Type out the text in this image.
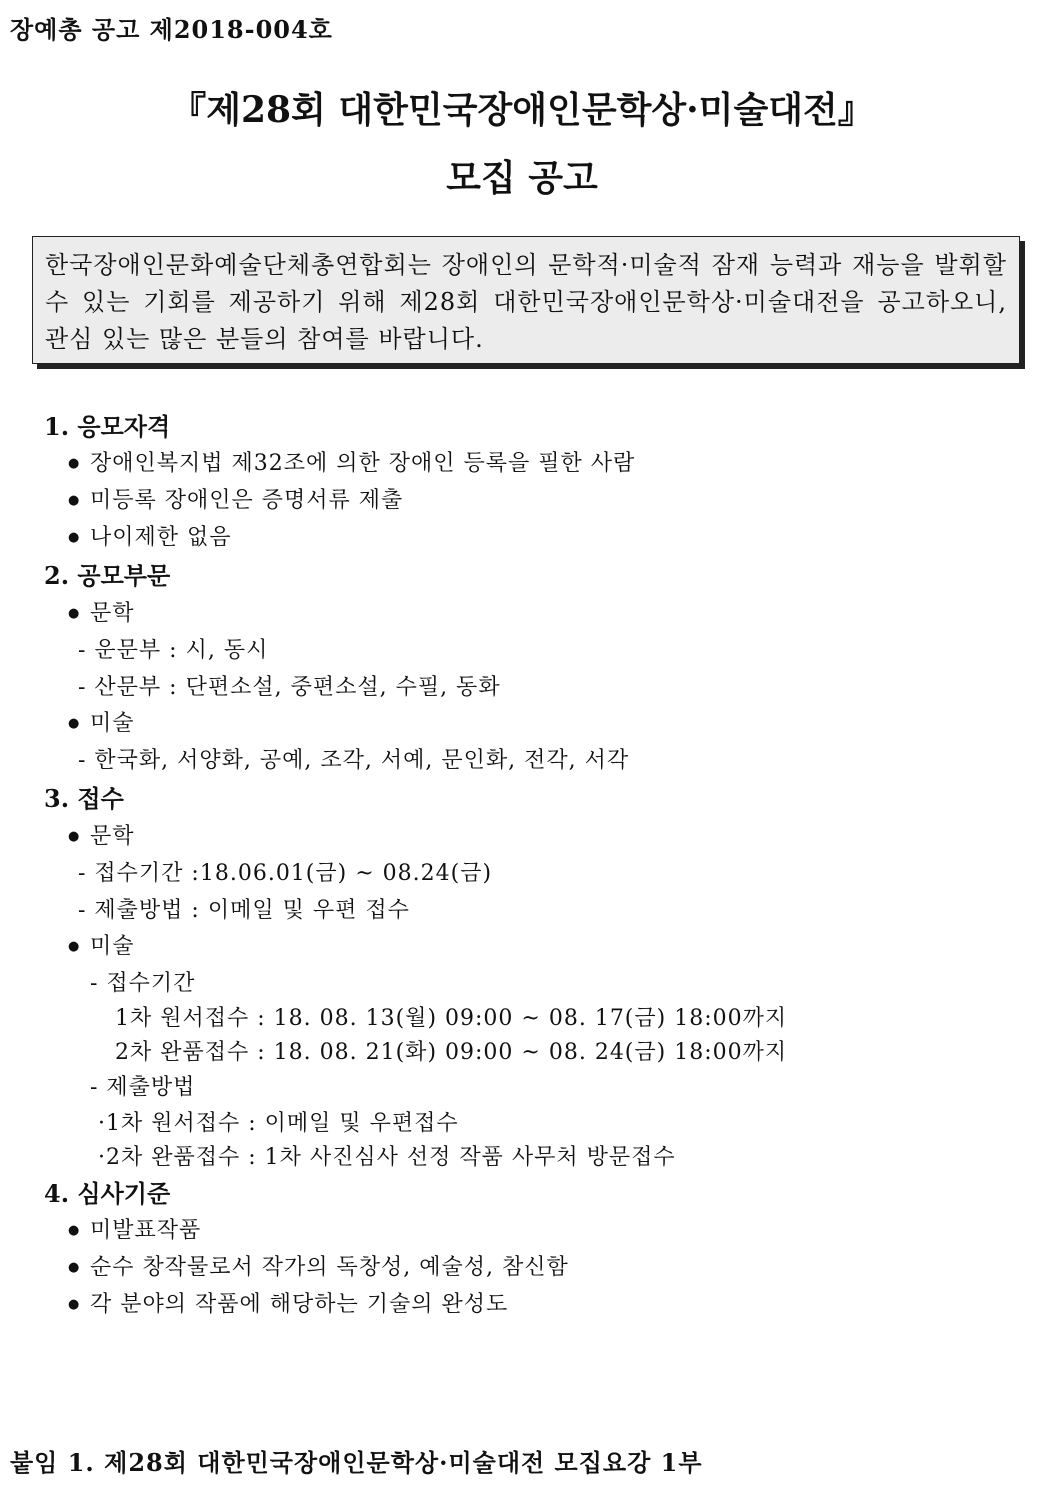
장예총 공고 제2018-004호
『제28회 대한민국장애인문학상·미술대전』
모집 공고
한국장애인문화예술단체총연합회는 장애인의 문학적·미술적 잠재 능력과 재능을 발휘할 수 있는 기회를 제공하기 위해 제28회 대한민국장애인문학상·미술대전을 공고하오니, 관심 있는 많은 분들의 참여를 바랍니다.
1. 응모자격
● 장애인복지법 제32조에 의한 장애인 등록을 필한 사람
● 미등록 장애인은 증명서류 제출
● 나이제한 없음
2. 공모부문
● 문학
- 운문부 : 시, 동시
- 산문부 : 단편소설, 중편소설, 수필, 동화
● 미술
- 한국화, 서양화, 공예, 조각, 서예, 문인화, 전각, 서각
3. 접수
● 문학
- 접수기간 :18.06.01(금) ~ 08.24(금)
- 제출방법 : 이메일 및 우편 접수
● 미술
- 접수기간
1차 원서접수 : 18. 08. 13(월) 09:00 ~ 08. 17(금) 18:00까지
2차 완품접수 : 18. 08. 21(화) 09:00 ~ 08. 24(금) 18:00까지
- 제출방법
·1차 원서접수 : 이메일 및 우편접수
·2차 완품접수 : 1차 사진심사 선정 작품 사무처 방문접수
4. 심사기준
● 미발표작품
● 순수 창작물로서 작가의 독창성, 예술성, 참신함
● 각 분야의 작품에 해당하는 기술의 완성도
붙임 1. 제28회 대한민국장애인문학상·미술대전 모집요강 1부
